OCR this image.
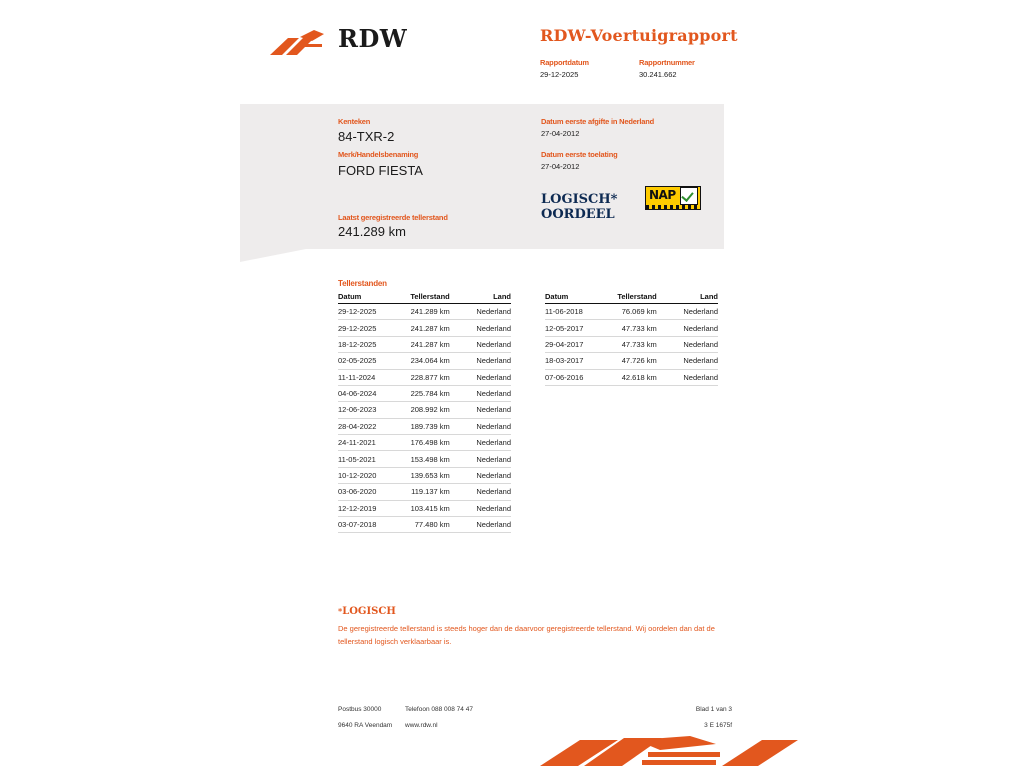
RDW	RDW-Voertuigrapport
Rapportdatum
29-12-2025
Rapportnummer
30.241.662
Kenteken
84-TXR-2
Merk/Handelsbenaming
FORD FIESTA
Laatst geregistreerde tellerstand
241.289 km
Datum eerste afgifte in Nederland
27-04-2012
Datum eerste toelating
27-04-2012
LOGISCH*
OORDEEL
NAP
Tellerstanden
Datum	Tellerstand	Land
29-12-2025	241.289 km	Nederland
29-12-2025	241.287 km	Nederland
18-12-2025	241.287 km	Nederland
02-05-2025	234.064 km	Nederland
11-11-2024	228.877 km	Nederland
04-06-2024	225.784 km	Nederland
12-06-2023	208.992 km	Nederland
28-04-2022	189.739 km	Nederland
24-11-2021	176.498 km	Nederland
11-05-2021	153.498 km	Nederland
10-12-2020	139.653 km	Nederland
03-06-2020	119.137 km	Nederland
12-12-2019	103.415 km	Nederland
03-07-2018	77.480 km	Nederland
Datum	Tellerstand	Land
11-06-2018	76.069 km	Nederland
12-05-2017	47.733 km	Nederland
29-04-2017	47.733 km	Nederland
18-03-2017	47.726 km	Nederland
07-06-2016	42.618 km	Nederland
*LOGISCH
De geregistreerde tellerstand is steeds hoger dan de daarvoor geregistreerde tellerstand. Wij oordelen dan dat de tellerstand logisch verklaarbaar is.
Postbus 30000
9640 RA Veendam
Telefoon 088 008 74 47
www.rdw.nl
Blad 1 van 3
3 E 1675f
